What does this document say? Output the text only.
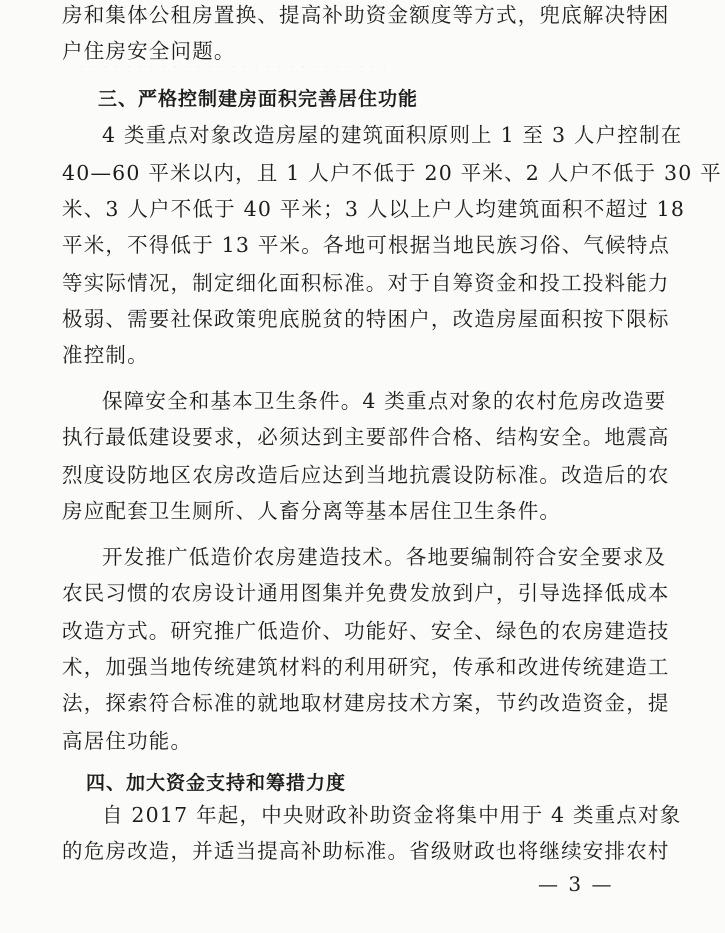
· · · · · · · · · · · · · · · · · · · · · · · · · · ·
房和集体公租房置换、提高补助资金额度等方式，兜底解决特困
户住房安全问题。
三、严格控制建房面积完善居住功能
4 类重点对象改造房屋的建筑面积原则上 1 至 3 人户控制在
40—60 平米以内，且 1 人户不低于 20 平米、2 人户不低于 30 平
米、3 人户不低于 40 平米；3 人以上户人均建筑面积不超过 18
平米，不得低于 13 平米。各地可根据当地民族习俗、气候特点
等实际情况，制定细化面积标准。对于自筹资金和投工投料能力
极弱、需要社保政策兜底脱贫的特困户，改造房屋面积按下限标
准控制。
保障安全和基本卫生条件。4 类重点对象的农村危房改造要
执行最低建设要求，必须达到主要部件合格、结构安全。地震高
烈度设防地区农房改造后应达到当地抗震设防标准。改造后的农
房应配套卫生厕所、人畜分离等基本居住卫生条件。
开发推广低造价农房建造技术。各地要编制符合安全要求及
农民习惯的农房设计通用图集并免费发放到户，引导选择低成本
改造方式。研究推广低造价、功能好、安全、绿色的农房建造技
术，加强当地传统建筑材料的利用研究，传承和改进传统建造工
法，探索符合标准的就地取材建房技术方案，节约改造资金，提
高居住功能。
四、加大资金支持和筹措力度
自 2017 年起，中央财政补助资金将集中用于 4 类重点对象
的危房改造，并适当提高补助标准。省级财政也将继续安排农村
— 3 —
